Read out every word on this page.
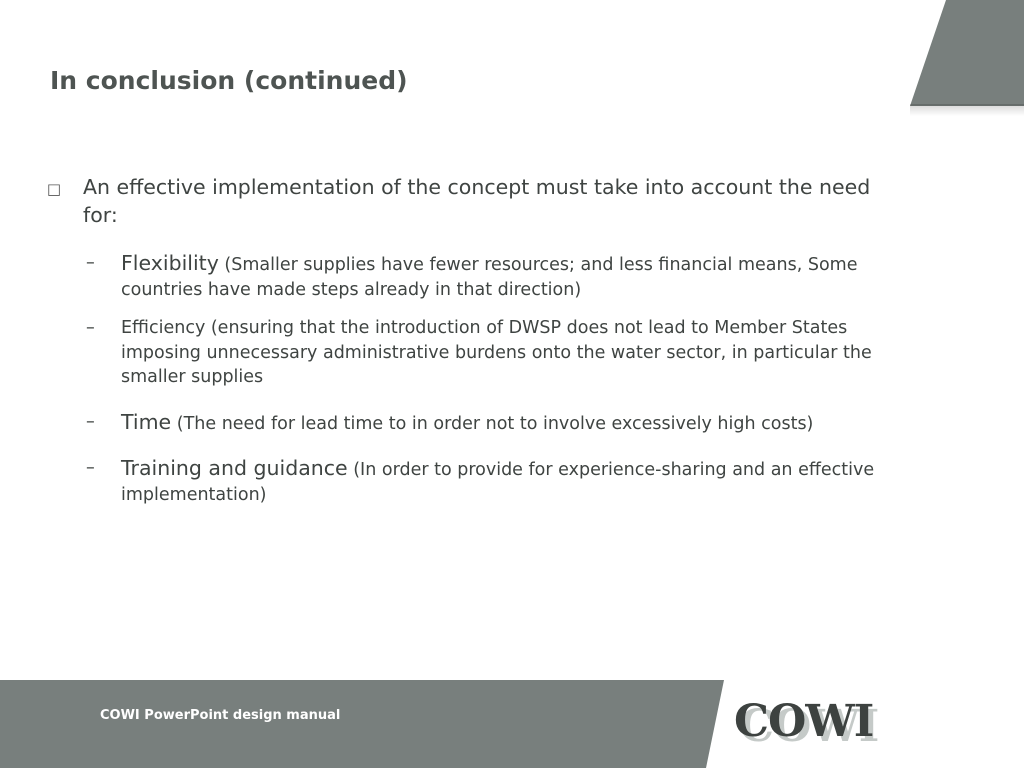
In conclusion (continued)
□ An effective implementation of the concept must take into account the need for:
– Flexibility (Smaller supplies have fewer resources; and less financial means, Some countries have made steps already in that direction)
– Efficiency (ensuring that the introduction of DWSP does not lead to Member States imposing unnecessary administrative burdens onto the water sector, in particular the smaller supplies
– Time (The need for lead time to in order not to involve excessively high costs)
– Training and guidance (In order to provide for experience-sharing and an effective implementation)

COWI PowerPoint design manual	COWI
